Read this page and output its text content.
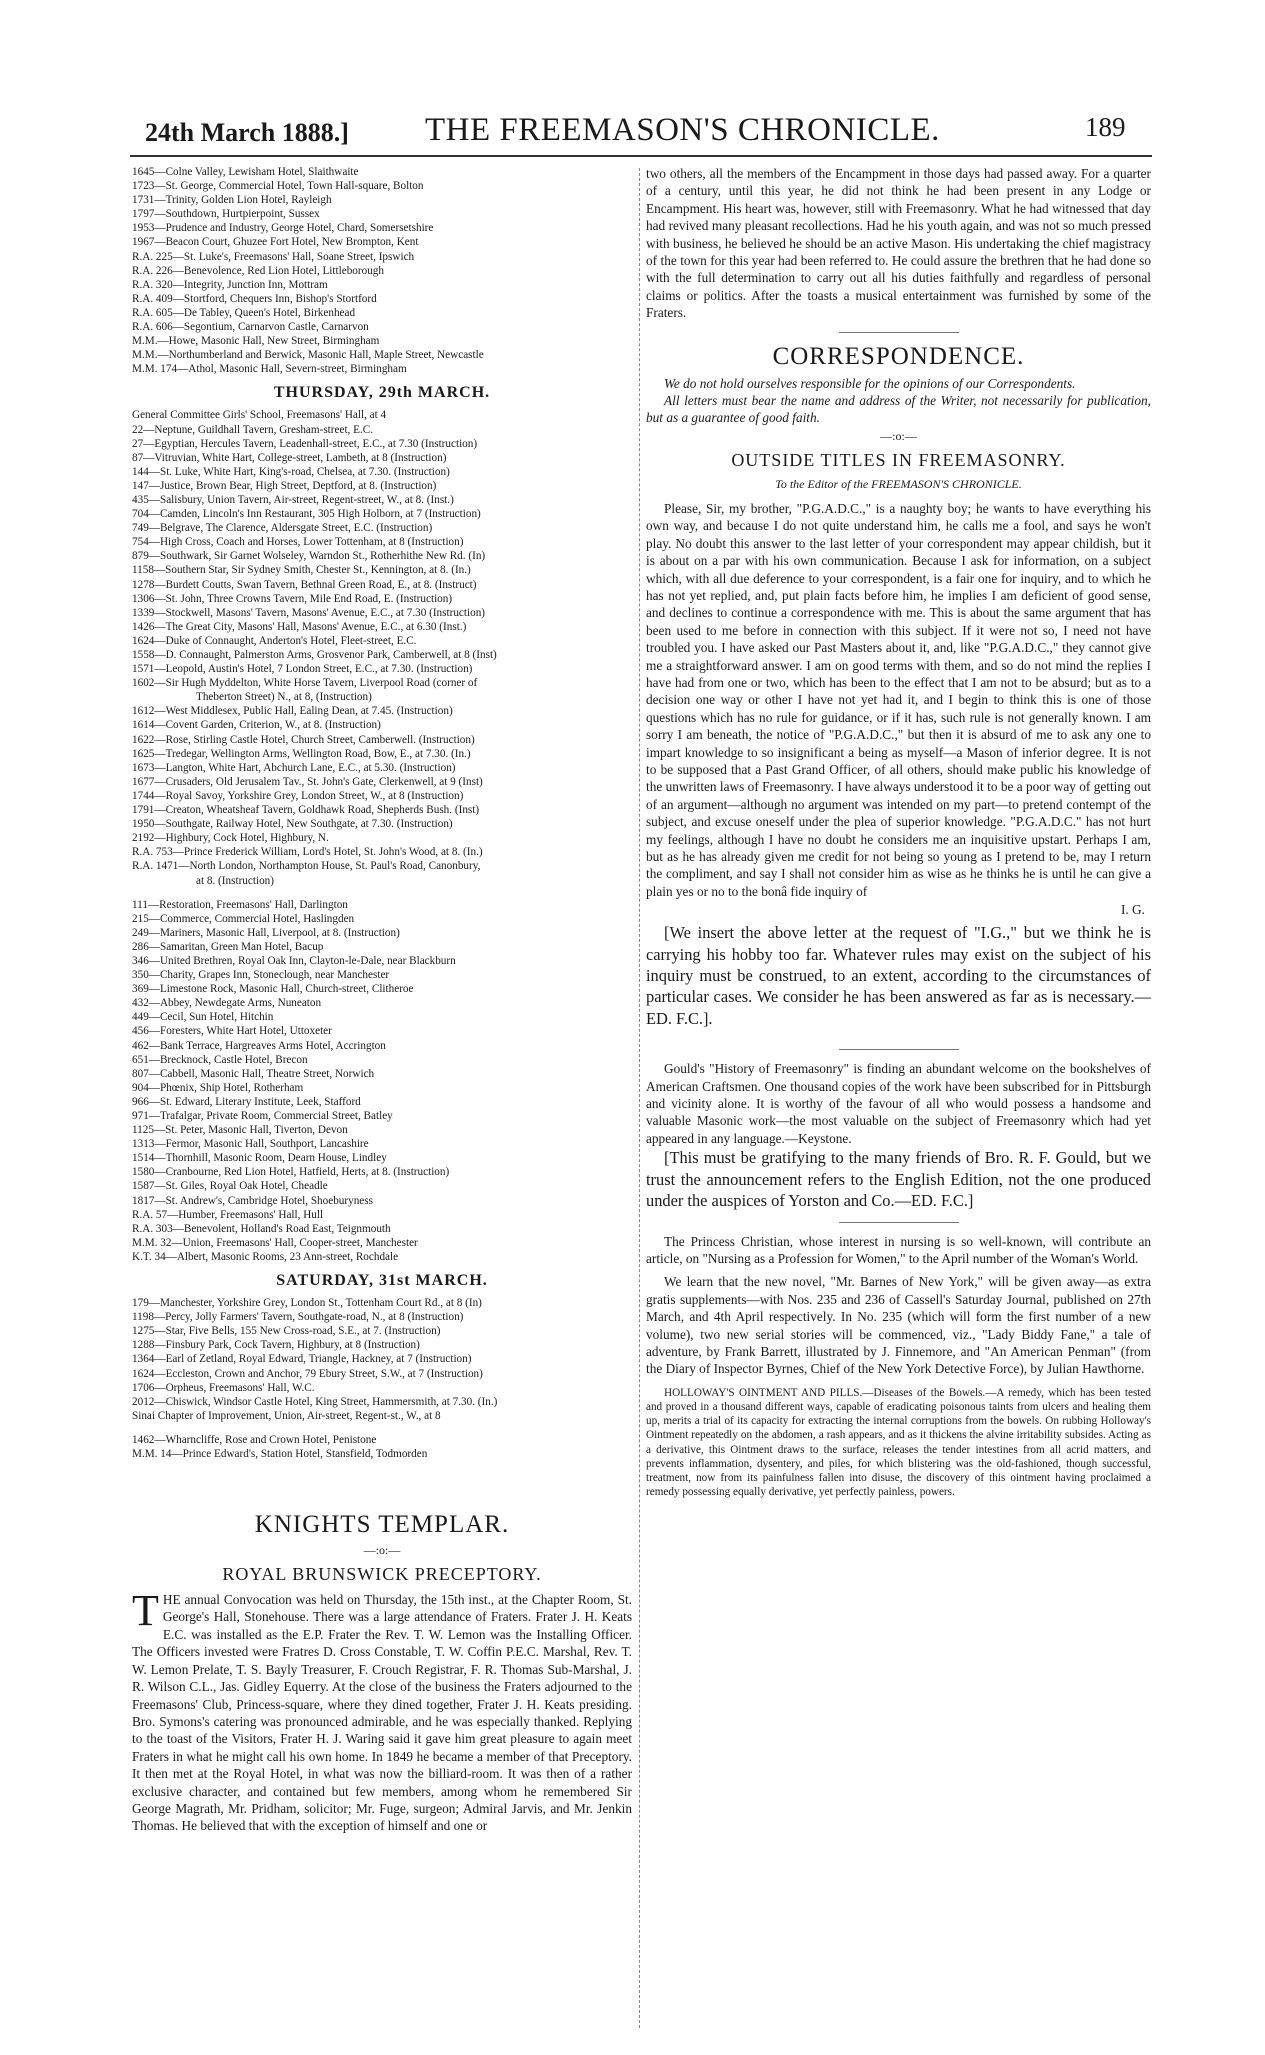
24th March 1888.] THE FREEMASON'S CHRONICLE.	189
1645—Colne Valley, Lewisham Hotel, Slaithwaite
1723—St. George, Commercial Hotel, Town Hall-square, Bolton
1731—Trinity, Golden Lion Hotel, Rayleigh
1797—Southdown, Hurtpierpoint, Sussex
1953—Prudence and Industry, George Hotel, Chard, Somersetshire
1967—Beacon Court, Ghuzee Fort Hotel, New Brompton, Kent
R.A. 225—St. Luke's, Freemasons' Hall, Soane Street, Ipswich
R.A. 226—Benevolence, Red Lion Hotel, Littleborough
R.A. 320—Integrity, Junction Inn, Mottram
R.A. 409—Stortford, Chequers Inn, Bishop's Stortford
R.A. 605—De Tabley, Queen's Hotel, Birkenhead
R.A. 606—Segontium, Carnarvon Castle, Carnarvon
M.M.—Howe, Masonic Hall, New Street, Birmingham
M.M.—Northumberland and Berwick, Masonic Hall, Maple Street, Newcastle
M.M. 174—Athol, Masonic Hall, Severn-street, Birmingham
THURSDAY, 29th MARCH.
General Committee Girls' School, Freemasons' Hall, at 4
22—Neptune, Guildhall Tavern, Gresham-street, E.C.
27—Egyptian, Hercules Tavern, Leadenhall-street, E.C., at 7.30 (Instruction)
87—Vitruvian, White Hart, College-street, Lambeth, at 8 (Instruction)
144—St. Luke, White Hart, King's-road, Chelsea, at 7.30. (Instruction)
147—Justice, Brown Bear, High Street, Deptford, at 8. (Instruction)
435—Salisbury, Union Tavern, Air-street, Regent-street, W., at 8. (Inst.)
704—Camden, Lincoln's Inn Restaurant, 305 High Holborn, at 7 (Instruction)
749—Belgrave, The Clarence, Aldersgate Street, E.C. (Instruction)
754—High Cross, Coach and Horses, Lower Tottenham, at 8 (Instruction)
879—Southwark, Sir Garnet Wolseley, Warndon St., Rotherhithe New Rd. (In)
1158—Southern Star, Sir Sydney Smith, Chester St., Kennington, at 8. (In.)
1278—Burdett Coutts, Swan Tavern, Bethnal Green Road, E., at 8. (Instruct)
1306—St. John, Three Crowns Tavern, Mile End Road, E. (Instruction)
1339—Stockwell, Masons' Tavern, Masons' Avenue, E.C., at 7.30 (Instruction)
1426—The Great City, Masons' Hall, Masons' Avenue, E.C., at 6.30 (Inst.)
1624—Duke of Connaught, Anderton's Hotel, Fleet-street, E.C.
1558—D. Connaught, Palmerston Arms, Grosvenor Park, Camberwell, at 8 (Inst)
1571—Leopold, Austin's Hotel, 7 London Street, E.C., at 7.30. (Instruction)
1602—Sir Hugh Myddelton, White Horse Tavern, Liverpool Road (corner of
Theberton Street) N., at 8, (Instruction)
1612—West Middlesex, Public Hall, Ealing Dean, at 7.45. (Instruction)
1614—Covent Garden, Criterion, W., at 8. (Instruction)
1622—Rose, Stirling Castle Hotel, Church Street, Camberwell. (Instruction)
1625—Tredegar, Wellington Arms, Wellington Road, Bow, E., at 7.30. (In.)
1673—Langton, White Hart, Abchurch Lane, E.C., at 5.30. (Instruction)
1677—Crusaders, Old Jerusalem Tav., St. John's Gate, Clerkenwell, at 9 (Inst)
1744—Royal Savoy, Yorkshire Grey, London Street, W., at 8 (Instruction)
1791—Creaton, Wheatsheaf Tavern, Goldhawk Road, Shepherds Bush. (Inst)
1950—Southgate, Railway Hotel, New Southgate, at 7.30. (Instruction)
2192—Highbury, Cock Hotel, Highbury, N.
R.A. 753—Prince Frederick William, Lord's Hotel, St. John's Wood, at 8. (In.)
R.A. 1471—North London, Northampton House, St. Paul's Road, Canonbury,
at 8. (Instruction)
111—Restoration, Freemasons' Hall, Darlington
215—Commerce, Commercial Hotel, Haslingden
249—Mariners, Masonic Hall, Liverpool, at 8. (Instruction)
286—Samaritan, Green Man Hotel, Bacup
346—United Brethren, Royal Oak Inn, Clayton-le-Dale, near Blackburn
350—Charity, Grapes Inn, Stoneclough, near Manchester
369—Limestone Rock, Masonic Hall, Church-street, Clitheroe
432—Abbey, Newdegate Arms, Nuneaton
449—Cecil, Sun Hotel, Hitchin
456—Foresters, White Hart Hotel, Uttoxeter
462—Bank Terrace, Hargreaves Arms Hotel, Accrington
651—Brecknock, Castle Hotel, Brecon
807—Cabbell, Masonic Hall, Theatre Street, Norwich
904—Phœnix, Ship Hotel, Rotherham
966—St. Edward, Literary Institute, Leek, Stafford
971—Trafalgar, Private Room, Commercial Street, Batley
1125—St. Peter, Masonic Hall, Tiverton, Devon
1313—Fermor, Masonic Hall, Southport, Lancashire
1514—Thornhill, Masonic Room, Dearn House, Lindley
1580—Cranbourne, Red Lion Hotel, Hatfield, Herts, at 8. (Instruction)
1587—St. Giles, Royal Oak Hotel, Cheadle
1817—St. Andrew's, Cambridge Hotel, Shoeburyness
R.A. 57—Humber, Freemasons' Hall, Hull
R.A. 303—Benevolent, Holland's Road East, Teignmouth
M.M. 32—Union, Freemasons' Hall, Cooper-street, Manchester
K.T. 34—Albert, Masonic Rooms, 23 Ann-street, Rochdale
SATURDAY, 31st MARCH.
179—Manchester, Yorkshire Grey, London St., Tottenham Court Rd., at 8 (In)
1198—Percy, Jolly Farmers' Tavern, Southgate-road, N., at 8 (Instruction)
1275—Star, Five Bells, 155 New Cross-road, S.E., at 7. (Instruction)
1288—Finsbury Park, Cock Tavern, Highbury, at 8 (Instruction)
1364—Earl of Zetland, Royal Edward, Triangle, Hackney, at 7 (Instruction)
1624—Eccleston, Crown and Anchor, 79 Ebury Street, S.W., at 7 (Instruction)
1706—Orpheus, Freemasons' Hall, W.C.
2012—Chiswick, Windsor Castle Hotel, King Street, Hammersmith, at 7.30. (In.)
Sinai Chapter of Improvement, Union, Air-street, Regent-st., W., at 8
1462—Wharncliffe, Rose and Crown Hotel, Penistone
M.M. 14—Prince Edward's, Station Hotel, Stansfield, Todmorden
KNIGHTS TEMPLAR.
—:o:—
ROYAL BRUNSWICK PRECEPTORY.

THE annual Convocation was held on Thursday, the 15th inst., at the Chapter Room, St. George's Hall, Stonehouse. There was a large attendance of Fraters. Frater J. H. Keats E.C. was installed as the E.P. Frater the Rev. T. W. Lemon was the Installing Officer. The Officers invested were Fratres D. Cross Constable, T. W. Coffin P.E.C. Marshal, Rev. T. W. Lemon Prelate, T. S. Bayly Treasurer, F. Crouch Registrar, F. R. Thomas Sub-Marshal, J. R. Wilson C.L., Jas. Gidley Equerry. At the close of the business the Fraters adjourned to the Freemasons' Club, Princess-square, where they dined together, Frater J. H. Keats presiding. Bro. Symons's catering was pronounced admirable, and he was especially thanked. Replying to the toast of the Visitors, Frater H. J. Waring said it gave him great pleasure to again meet Fraters in what he might call his own home. In 1849 he became a member of that Preceptory. It then met at the Royal Hotel, in what was now the billiard-room. It was then of a rather exclusive character, and contained but few members, among whom he remembered Sir George Magrath, Mr. Pridham, solicitor; Mr. Fuge, surgeon; Admiral Jarvis, and Mr. Jenkin Thomas. He believed that with the exception of himself and one or

two others, all the members of the Encampment in those days had passed away. For a quarter of a century, until this year, he did not think he had been present in any Lodge or Encampment. His heart was, however, still with Freemasonry. What he had witnessed that day had revived many pleasant recollections. Had he his youth again, and was not so much pressed with business, he believed he should be an active Mason. His undertaking the chief magistracy of the town for this year had been referred to. He could assure the brethren that he had done so with the full determination to carry out all his duties faithfully and regardless of personal claims or politics. After the toasts a musical entertainment was furnished by some of the Fraters.

CORRESPONDENCE.

We do not hold ourselves responsible for the opinions of our Correspondents.

All letters must bear the name and address of the Writer, not necessarily for publication, but as a guarantee of good faith.

—:o:—
OUTSIDE TITLES IN FREEMASONRY.
To the Editor of the FREEMASON'S CHRONICLE.

Please, Sir, my brother, "P.G.A.D.C.," is a naughty boy; he wants to have everything his own way, and because I do not quite understand him, he calls me a fool, and says he won't play. No doubt this answer to the last letter of your correspondent may appear childish, but it is about on a par with his own communication. Because I ask for information, on a subject which, with all due deference to your correspondent, is a fair one for inquiry, and to which he has not yet replied, and, put plain facts before him, he implies I am deficient of good sense, and declines to continue a correspondence with me. This is about the same argument that has been used to me before in connection with this subject. If it were not so, I need not have troubled you. I have asked our Past Masters about it, and, like "P.G.A.D.C.," they cannot give me a straightforward answer. I am on good terms with them, and so do not mind the replies I have had from one or two, which has been to the effect that I am not to be absurd; but as to a decision one way or other I have not yet had it, and I begin to think this is one of those questions which has no rule for guidance, or if it has, such rule is not generally known. I am sorry I am beneath, the notice of "P.G.A.D.C.," but then it is absurd of me to ask any one to impart knowledge to so insignificant a being as myself—a Mason of inferior degree. It is not to be supposed that a Past Grand Officer, of all others, should make public his knowledge of the unwritten laws of Freemasonry. I have always understood it to be a poor way of getting out of an argument—although no argument was intended on my part—to pretend contempt of the subject, and excuse oneself under the plea of superior knowledge. "P.G.A.D.C." has not hurt my feelings, although I have no doubt he considers me an inquisitive upstart. Perhaps I am, but as he has already given me credit for not being so young as I pretend to be, may I return the compliment, and say I shall not consider him as wise as he thinks he is until he can give a plain yes or no to the bonâ fide inquiry of

I. G.

[We insert the above letter at the request of "I.G.," but we think he is carrying his hobby too far. Whatever rules may exist on the subject of his inquiry must be construed, to an extent, according to the circumstances of particular cases. We consider he has been answered as far as is necessary.—ED. F.C.].

Gould's "History of Freemasonry" is finding an abundant welcome on the bookshelves of American Craftsmen. One thousand copies of the work have been subscribed for in Pittsburgh and vicinity alone. It is worthy of the favour of all who would possess a handsome and valuable Masonic work—the most valuable on the subject of Freemasonry which had yet appeared in any language.—Keystone.

[This must be gratifying to the many friends of Bro. R. F. Gould, but we trust the announcement refers to the English Edition, not the one produced under the auspices of Yorston and Co.—ED. F.C.]

The Princess Christian, whose interest in nursing is so well-known, will contribute an article, on "Nursing as a Profession for Women," to the April number of the Woman's World.

We learn that the new novel, "Mr. Barnes of New York," will be given away—as extra gratis supplements—with Nos. 235 and 236 of Cassell's Saturday Journal, published on 27th March, and 4th April respectively. In No. 235 (which will form the first number of a new volume), two new serial stories will be commenced, viz., "Lady Biddy Fane," a tale of adventure, by Frank Barrett, illustrated by J. Finnemore, and "An American Penman" (from the Diary of Inspector Byrnes, Chief of the New York Detective Force), by Julian Hawthorne.

HOLLOWAY'S OINTMENT AND PILLS.—Diseases of the Bowels.—A remedy, which has been tested and proved in a thousand different ways, capable of eradicating poisonous taints from ulcers and healing them up, merits a trial of its capacity for extracting the internal corruptions from the bowels. On rubbing Holloway's Ointment repeatedly on the abdomen, a rash appears, and as it thickens the alvine irritability subsides. Acting as a derivative, this Ointment draws to the surface, releases the tender intestines from all acrid matters, and prevents inflammation, dysentery, and piles, for which blistering was the old-fashioned, though successful, treatment, now from its painfulness fallen into disuse, the discovery of this ointment having proclaimed a remedy possessing equally derivative, yet perfectly painless, powers.
